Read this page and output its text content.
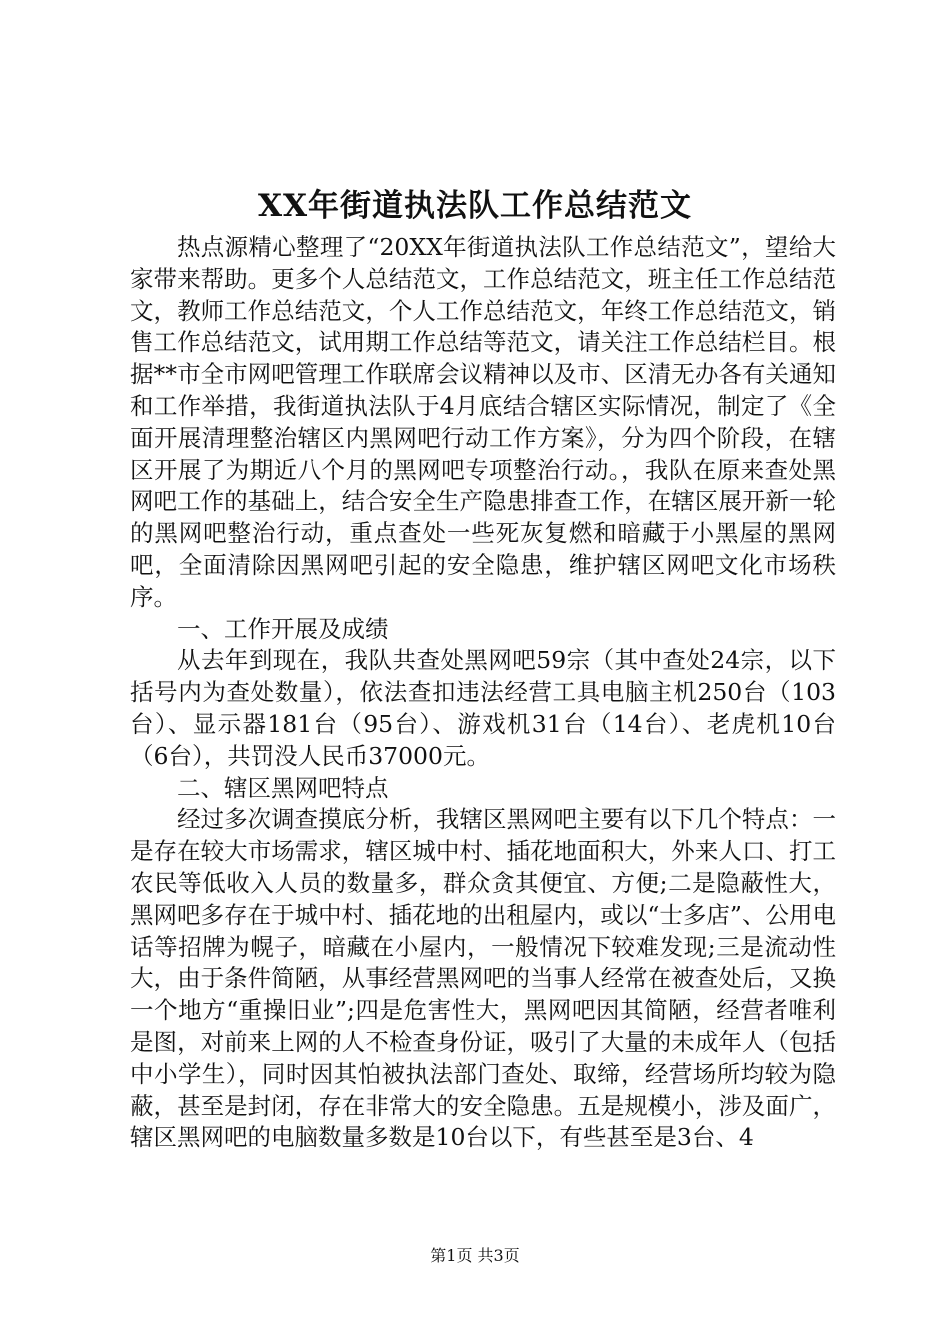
XX年街道执法队工作总结范文

热点源精心整理了“20XX年街道执法队工作总结范文”，望给大家带来帮助。更多个人总结范文，工作总结范文，班主任工作总结范文，教师工作总结范文，个人工作总结范文，年终工作总结范文，销售工作总结范文，试用期工作总结等范文，请关注工作总结栏目。根据**市全市网吧管理工作联席会议精神以及市、区清无办各有关通知和工作举措，我街道执法队于4月底结合辖区实际情况，制定了《全面开展清理整治辖区内黑网吧行动工作方案》，分为四个阶段，在辖区开展了为期近八个月的黑网吧专项整治行动。，我队在原来查处黑网吧工作的基础上，结合安全生产隐患排查工作，在辖区展开新一轮的黑网吧整治行动，重点查处一些死灰复燃和暗藏于小黑屋的黑网吧，全面清除因黑网吧引起的安全隐患，维护辖区网吧文化市场秩序。

一、工作开展及成绩

从去年到现在，我队共查处黑网吧59宗（其中查处24宗，以下括号内为查处数量），依法查扣违法经营工具电脑主机250台（103台）、显示器181台（95台）、游戏机31台（14台）、老虎机10台（6台），共罚没人民币37000元。

二、辖区黑网吧特点

经过多次调查摸底分析，我辖区黑网吧主要有以下几个特点：一是存在较大市场需求，辖区城中村、插花地面积大，外来人口、打工农民等低收入人员的数量多，群众贪其便宜、方便;二是隐蔽性大，黑网吧多存在于城中村、插花地的出租屋内，或以“士多店”、公用电话等招牌为幌子，暗藏在小屋内，一般情况下较难发现;三是流动性大，由于条件简陋，从事经营黑网吧的当事人经常在被查处后，又换一个地方“重操旧业”;四是危害性大，黑网吧因其简陋，经营者唯利是图，对前来上网的人不检查身份证，吸引了大量的未成年人（包括中小学生），同时因其怕被执法部门查处、取缔，经营场所均较为隐蔽，甚至是封闭，存在非常大的安全隐患。五是规模小，涉及面广，辖区黑网吧的电脑数量多数是10台以下，有些甚至是3台、4

第1页 共3页
